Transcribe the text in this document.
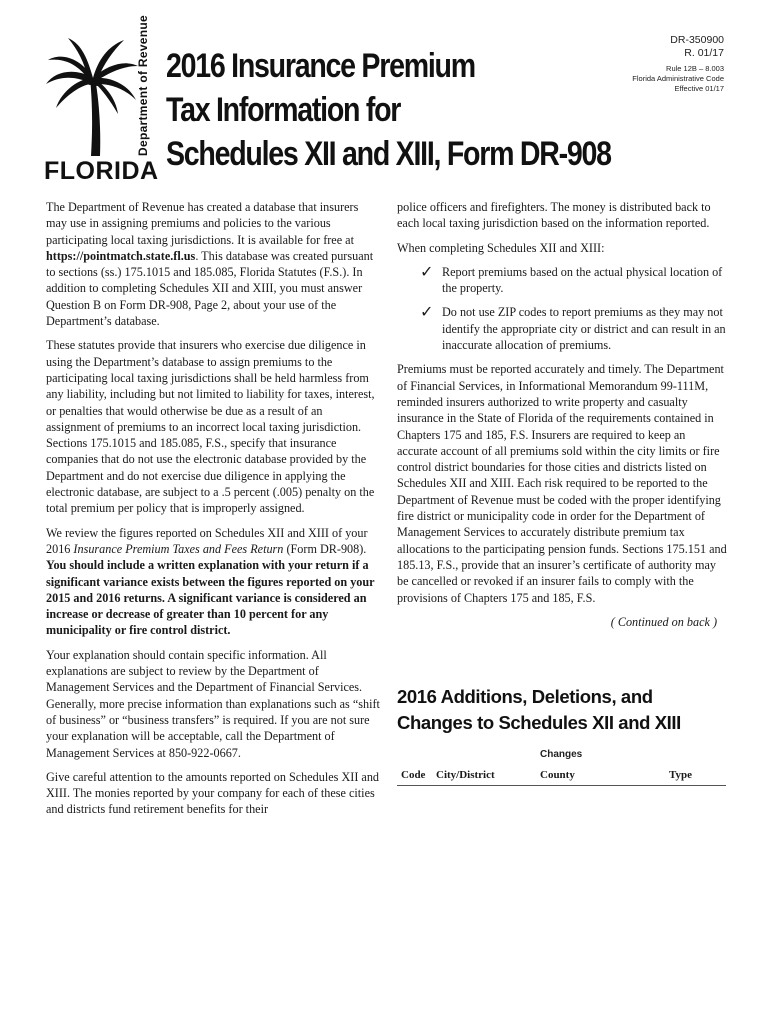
DR-350900
R. 01/17
Rule 12B – 8.003
Florida Administrative Code
Effective 01/17
Department of Revenue
FLORIDA
2016 Insurance Premium
Tax Information for
Schedules XII and XIII, Form DR-908

The Department of Revenue has created a database that insurers may use in assigning premiums and policies to the various participating local taxing jurisdictions. It is available for free at https://pointmatch.state.fl.us. This database was created pursuant to sections (ss.) 175.1015 and 185.085, Florida Statutes (F.S.). In addition to completing Schedules XII and XIII, you must answer Question B on Form DR-908, Page 2, about your use of the Department’s database.

These statutes provide that insurers who exercise due diligence in using the Department’s database to assign premiums to the participating local taxing jurisdictions shall be held harmless from any liability, including but not limited to liability for taxes, interest, or penalties that would otherwise be due as a result of an assignment of premiums to an incorrect local taxing jurisdiction. Sections 175.1015 and 185.085, F.S., specify that insurance companies that do not use the electronic database provided by the Department and do not exercise due diligence in applying the electronic database, are subject to a .5 percent (.005) penalty on the total premium per policy that is improperly assigned.

We review the figures reported on Schedules XII and XIII of your 2016 Insurance Premium Taxes and Fees Return (Form DR-908). You should include a written explanation with your return if a significant variance exists between the figures reported on your 2015 and 2016 returns. A significant variance is considered an increase or decrease of greater than 10 percent for any municipality or fire control district.

Your explanation should contain specific information. All explanations are subject to review by the Department of Management Services and the Department of Financial Services. Generally, more precise information than explanations such as “shift of business” or “business transfers” is required. If you are not sure your explanation will be acceptable, call the Department of Management Services at 850-922-0667.

Give careful attention to the amounts reported on Schedules XII and XIII. The monies reported by your company for each of these cities and districts fund retirement benefits for their

police officers and firefighters. The money is distributed back to each local taxing jurisdiction based on the information reported.

When completing Schedules XII and XIII:

✓ Report premiums based on the actual physical location of the property.
✓ Do not use ZIP codes to report premiums as they may not identify the appropriate city or district and can result in an inaccurate allocation of premiums.

Premiums must be reported accurately and timely. The Department of Financial Services, in Informational Memorandum 99-111M, reminded insurers authorized to write property and casualty insurance in the State of Florida of the requirements contained in Chapters 175 and 185, F.S. Insurers are required to keep an accurate account of all premiums sold within the city limits or fire control district boundaries for those cities and districts listed on Schedules XII and XIII. Each risk required to be reported to the Department of Revenue must be coded with the proper identifying fire district or municipality code in order for the Department of Management Services to accurately distribute premium tax allocations to the participating pension funds. Sections 175.151 and 185.13, F.S., provide that an insurer’s certificate of authority may be cancelled or revoked if an insurer fails to comply with the provisions of Chapters 175 and 185, F.S.

( Continued on back )

2016 Additions, Deletions, and
Changes to Schedules XII and XIII
Changes
Code City/District	County	Type
